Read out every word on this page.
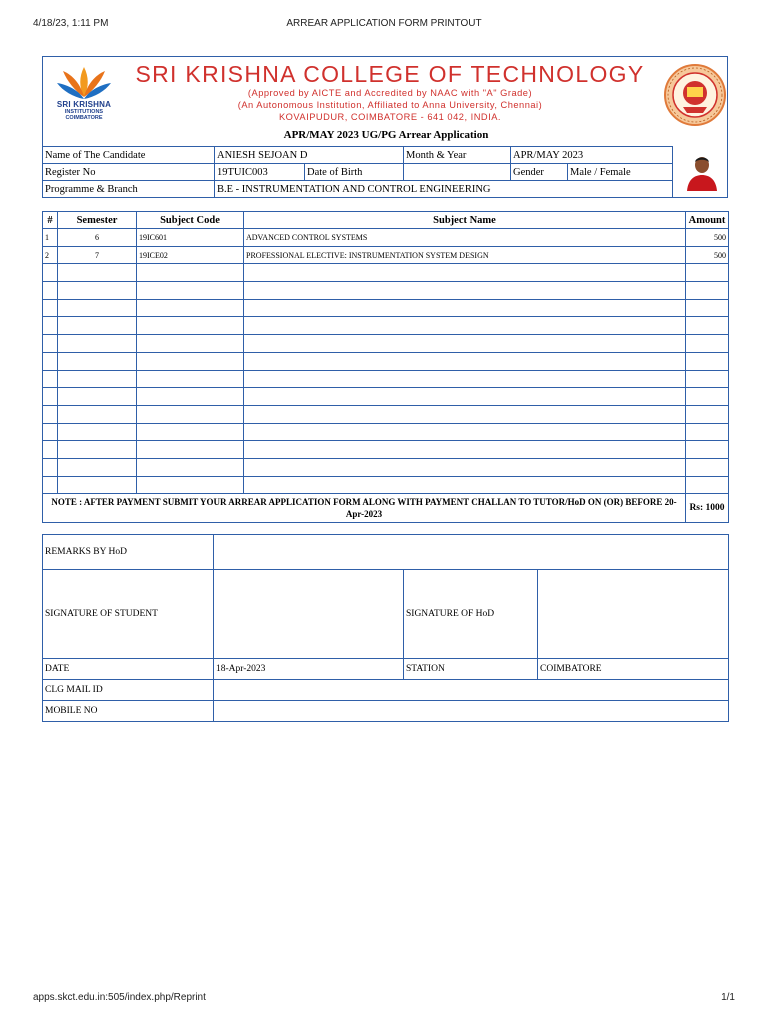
4/18/23, 1:11 PM	ARREAR APPLICATION FORM PRINTOUT
SRI KRISHNA
INSTITUTIONS
COIMBATORE
SRI KRISHNA COLLEGE OF TECHNOLOGY
(Approved by AICTE and Accredited by NAAC with "A" Grade)
(An Autonomous Institution, Affiliated to Anna University, Chennai)
KOVAIPUDUR, COIMBATORE - 641 042, INDIA.
APR/MAY 2023 UG/PG Arrear Application
Name of The Candidate	ANIESH SEJOAN D		Month & Year	APR/MAY 2023	
Register No	19TUIC003	Date of Birth		Gender	Male / Female
Programme & Branch	B.E - INSTRUMENTATION AND CONTROL ENGINEERING				
#	Semester	Subject Code	Subject Name	Amount
1	6	19IC601	ADVANCED CONTROL SYSTEMS	500
2	7	19ICE02	PROFESSIONAL ELECTIVE: INSTRUMENTATION SYSTEM DESIGN	500

NOTE : AFTER PAYMENT SUBMIT YOUR ARREAR APPLICATION FORM ALONG WITH PAYMENT CHALLAN TO TUTOR/HoD ON (OR) BEFORE 20-Apr-2023				Rs: 1000
REMARKS BY HoD			
SIGNATURE OF STUDENT		SIGNATURE OF HoD	
DATE	18-Apr-2023	STATION	COIMBATORE
CLG MAIL ID			
MOBILE NO			
apps.skct.edu.in:505/index.php/Reprint	1/1
